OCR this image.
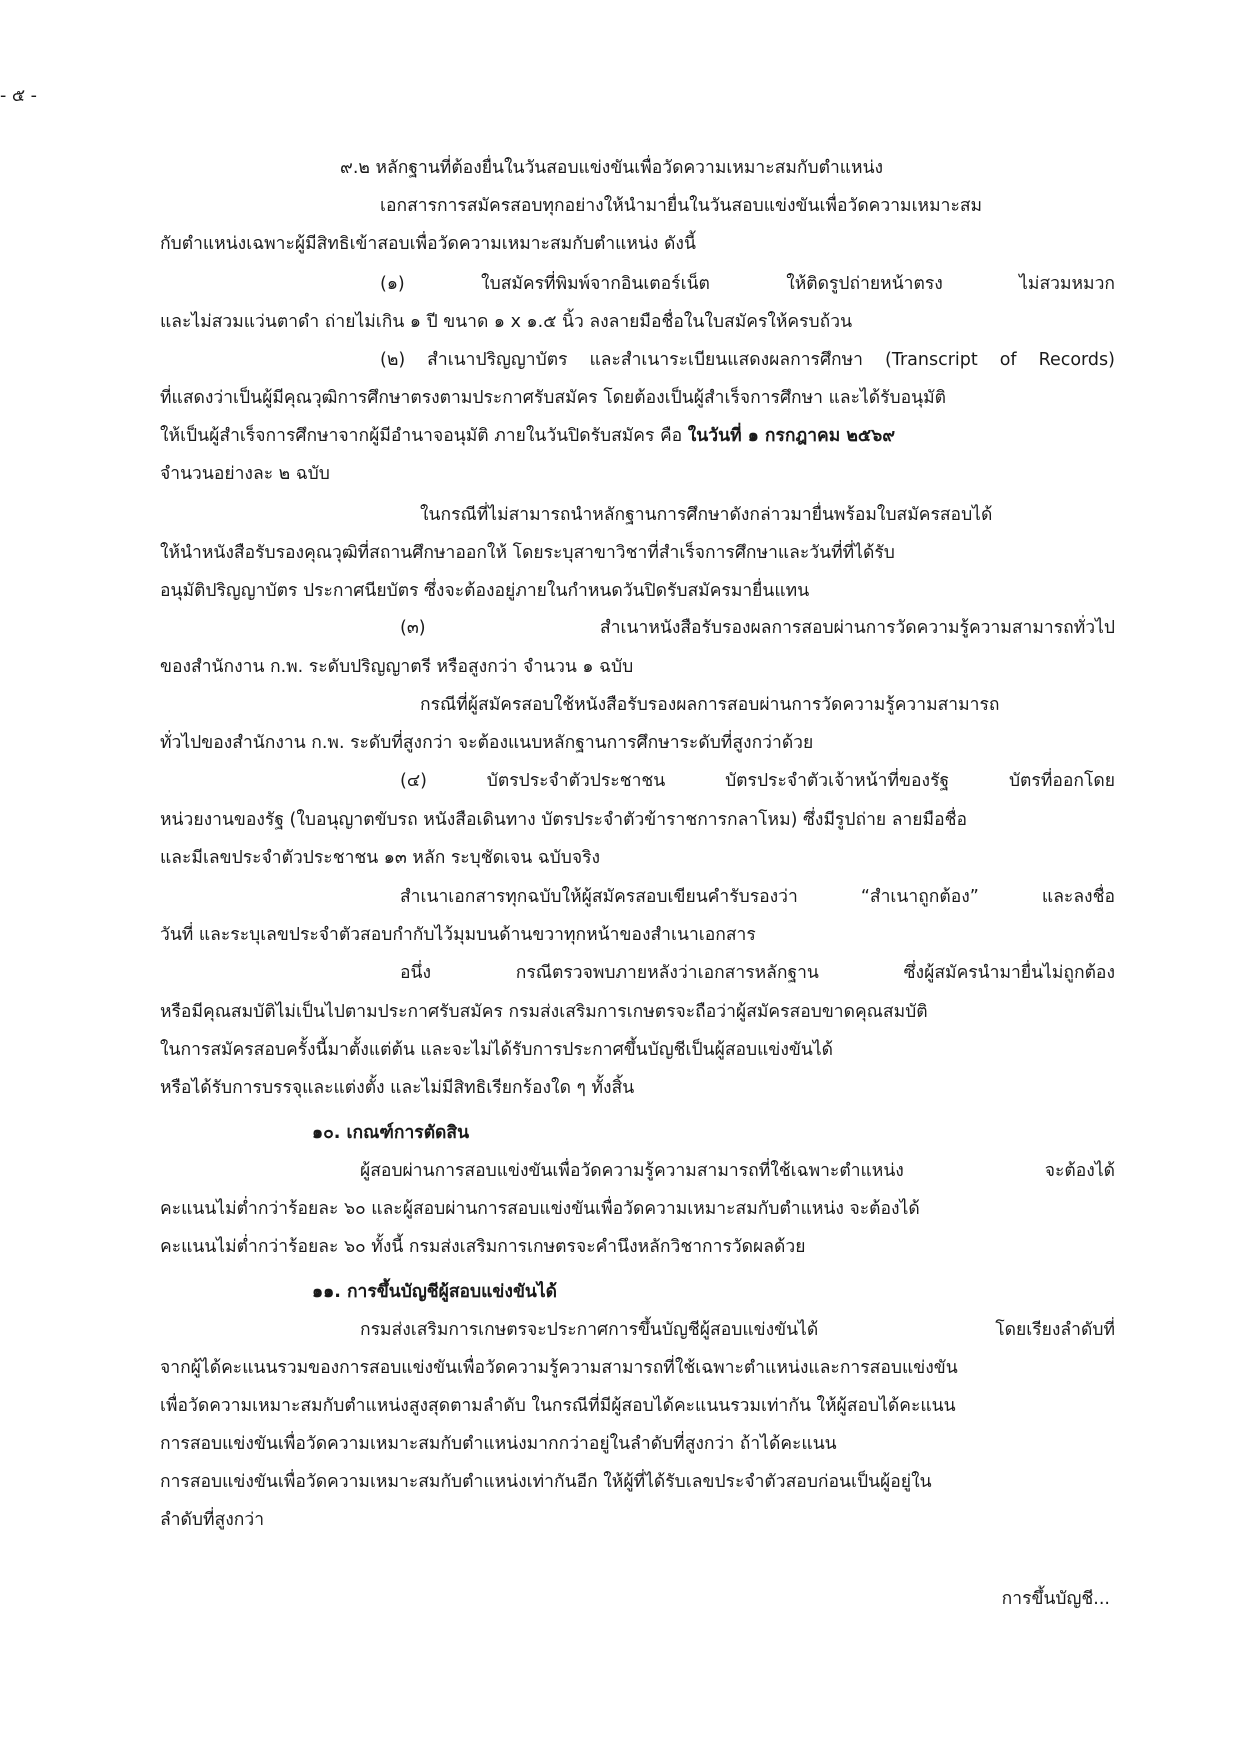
- ๕ -
๙.๒ หลักฐานที่ต้องยื่นในวันสอบแข่งขันเพื่อวัดความเหมาะสมกับตำแหน่ง
เอกสารการสมัครสอบทุกอย่างให้นำมายื่นในวันสอบแข่งขันเพื่อวัดความเหมาะสม
กับตำแหน่งเฉพาะผู้มีสิทธิเข้าสอบเพื่อวัดความเหมาะสมกับตำแหน่ง ดังนี้
(๑) ใบสมัครที่พิมพ์จากอินเตอร์เน็ต ให้ติดรูปถ่ายหน้าตรง ไม่สวมหมวก
และไม่สวมแว่นตาดำ ถ่ายไม่เกิน ๑ ปี ขนาด ๑ x ๑.๕ นิ้ว ลงลายมือชื่อในใบสมัครให้ครบถ้วน
(๒) สำเนาปริญญาบัตร และสำเนาระเบียนแสดงผลการศึกษา (Transcript of Records)
ที่แสดงว่าเป็นผู้มีคุณวุฒิการศึกษาตรงตามประกาศรับสมัคร โดยต้องเป็นผู้สำเร็จการศึกษา และได้รับอนุมัติ
ให้เป็นผู้สำเร็จการศึกษาจากผู้มีอำนาจอนุมัติ ภายในวันปิดรับสมัคร คือ ในวันที่ ๑ กรกฎาคม ๒๕๖๙
จำนวนอย่างละ ๒ ฉบับ
ในกรณีที่ไม่สามารถนำหลักฐานการศึกษาดังกล่าวมายื่นพร้อมใบสมัครสอบได้
ให้นำหนังสือรับรองคุณวุฒิที่สถานศึกษาออกให้ โดยระบุสาขาวิชาที่สำเร็จการศึกษาและวันที่ที่ได้รับ
อนุมัติปริญญาบัตร ประกาศนียบัตร ซึ่งจะต้องอยู่ภายในกำหนดวันปิดรับสมัครมายื่นแทน
(๓) สำเนาหนังสือรับรองผลการสอบผ่านการวัดความรู้ความสามารถทั่วไป
ของสำนักงาน ก.พ. ระดับปริญญาตรี หรือสูงกว่า จำนวน ๑ ฉบับ
กรณีที่ผู้สมัครสอบใช้หนังสือรับรองผลการสอบผ่านการวัดความรู้ความสามารถ
ทั่วไปของสำนักงาน ก.พ. ระดับที่สูงกว่า จะต้องแนบหลักฐานการศึกษาระดับที่สูงกว่าด้วย
(๔) บัตรประจำตัวประชาชน บัตรประจำตัวเจ้าหน้าที่ของรัฐ บัตรที่ออกโดย
หน่วยงานของรัฐ (ใบอนุญาตขับรถ หนังสือเดินทาง บัตรประจำตัวข้าราชการกลาโหม) ซึ่งมีรูปถ่าย ลายมือชื่อ
และมีเลขประจำตัวประชาชน ๑๓ หลัก ระบุชัดเจน ฉบับจริง
สำเนาเอกสารทุกฉบับให้ผู้สมัครสอบเขียนคำรับรองว่า “สำเนาถูกต้อง” และลงชื่อ
วันที่ และระบุเลขประจำตัวสอบกำกับไว้มุมบนด้านขวาทุกหน้าของสำเนาเอกสาร
อนึ่ง กรณีตรวจพบภายหลังว่าเอกสารหลักฐาน ซึ่งผู้สมัครนำมายื่นไม่ถูกต้อง
หรือมีคุณสมบัติไม่เป็นไปตามประกาศรับสมัคร กรมส่งเสริมการเกษตรจะถือว่าผู้สมัครสอบขาดคุณสมบัติ
ในการสมัครสอบครั้งนี้มาตั้งแต่ต้น และจะไม่ได้รับการประกาศขึ้นบัญชีเป็นผู้สอบแข่งขันได้
หรือได้รับการบรรจุและแต่งตั้ง และไม่มีสิทธิเรียกร้องใด ๆ ทั้งสิ้น
๑๐. เกณฑ์การตัดสิน
ผู้สอบผ่านการสอบแข่งขันเพื่อวัดความรู้ความสามารถที่ใช้เฉพาะตำแหน่ง จะต้องได้
คะแนนไม่ต่ำกว่าร้อยละ ๖๐ และผู้สอบผ่านการสอบแข่งขันเพื่อวัดความเหมาะสมกับตำแหน่ง จะต้องได้
คะแนนไม่ต่ำกว่าร้อยละ ๖๐ ทั้งนี้ กรมส่งเสริมการเกษตรจะคำนึงหลักวิชาการวัดผลด้วย
๑๑. การขึ้นบัญชีผู้สอบแข่งขันได้
กรมส่งเสริมการเกษตรจะประกาศการขึ้นบัญชีผู้สอบแข่งขันได้ โดยเรียงลำดับที่
จากผู้ได้คะแนนรวมของการสอบแข่งขันเพื่อวัดความรู้ความสามารถที่ใช้เฉพาะตำแหน่งและการสอบแข่งขัน
เพื่อวัดความเหมาะสมกับตำแหน่งสูงสุดตามลำดับ ในกรณีที่มีผู้สอบได้คะแนนรวมเท่ากัน ให้ผู้สอบได้คะแนน
การสอบแข่งขันเพื่อวัดความเหมาะสมกับตำแหน่งมากกว่าอยู่ในลำดับที่สูงกว่า ถ้าได้คะแนน
การสอบแข่งขันเพื่อวัดความเหมาะสมกับตำแหน่งเท่ากันอีก ให้ผู้ที่ได้รับเลขประจำตัวสอบก่อนเป็นผู้อยู่ใน
ลำดับที่สูงกว่า
การขึ้นบัญชี...
